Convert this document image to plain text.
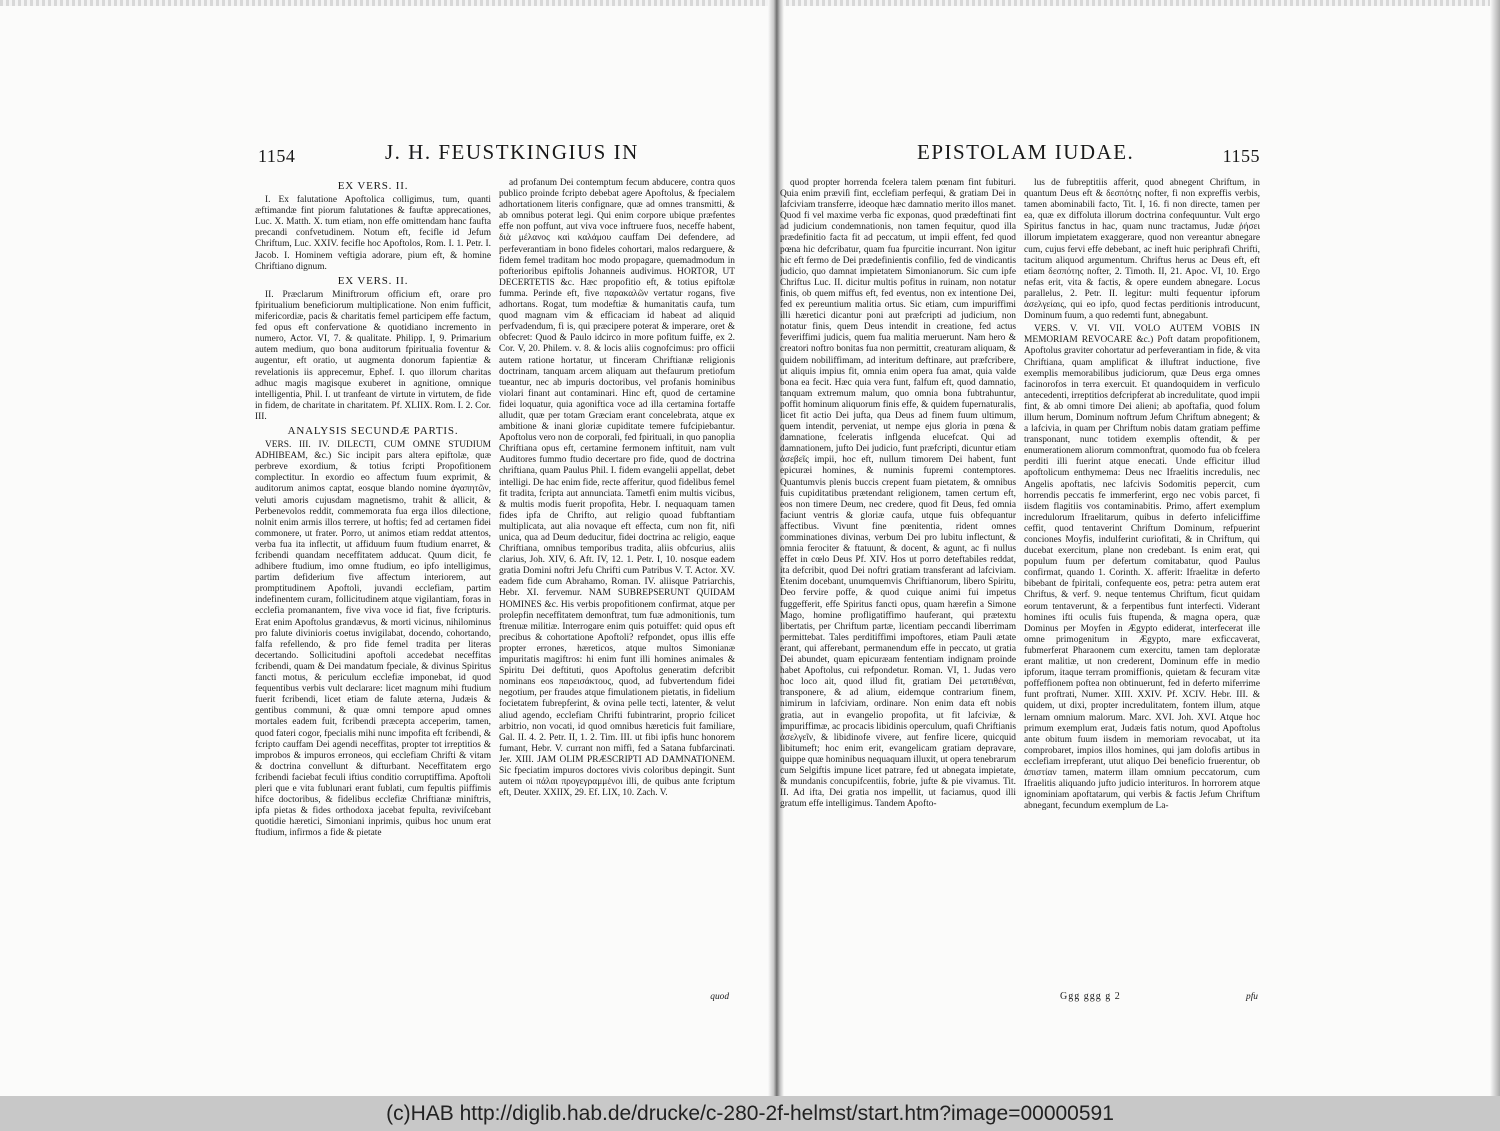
1154	J. H. FEUSTKINGIUS IN
EX VERS. II.

I. Ex falutatione Apoftolica colligimus, tum, quanti æftimandæ fint piorum falutationes & fauftæ apprecationes, Luc. X. Matth. X. tum etiam, non effe omittendam hanc faufta precandi confvetudinem. Notum eft, fecifle id Jefum Chriftum, Luc. XXIV. fecifle hoc Apoftolos, Rom. I. 1. Petr. I. Jacob. I. Hominem veftigia adorare, pium eft, & homine Chriftiano dignum.

EX VERS. II.

II. Præclarum Miniftrorum officium eft, orare pro fpiritualium beneficiorum multiplicatione. Non enim fufficit, mifericordiæ, pacis & charitatis femel participem effe factum, fed opus eft confervatione & quotidiano incremento in numero, Actor. VI, 7. & qualitate. Philipp. I, 9. Primarium autem medium, quo bona auditorum fpiritualia foventur & augentur, eft oratio, ut augmenta donorum fapientiæ & revelationis iis apprecemur, Ephef. I. quo illorum charitas adhuc magis magisque exuberet in agnitione, omnique intelligentia, Phil. I. ut tranfeant de virtute in virtutem, de fide in fidem, de charitate in charitatem. Pf. XLIIX. Rom. I. 2. Cor. III.

ANALYSIS SECUNDÆ PARTIS.

VERS. III. IV. DILECTI, CUM OMNE STUDIUM ADHIBEAM, &c.) Sic incipit pars altera epiftolæ, quæ perbreve exordium, & totius fcripti Propofitionem complectitur. In exordio eo affectum fuum exprimit, & auditorum animos captat, eosque blando nomine ἀγαπητῶν, veluti amoris cujusdam magnetismo, trahit & allicit, & Perbenevolos reddit, commemorata fua erga illos dilectione, nolnit enim armis illos terrere, ut hoftis; fed ad certamen fidei commonere, ut frater. Porro, ut animos etiam reddat attentos, verba fua ita inflectit, ut affiduum fuum ftudium enarret, & fcribendi quandam neceffitatem adducat. Quum dicit, fe adhibere ftudium, imo omne ftudium, eo ipfo intelligimus, partim defiderium five affectum interiorem, aut promptitudinem Apoftoli, juvandi ecclefiam, partim indefinentem curam, follicitudinem atque vigilantiam, foras in ecclefia promanantem, five viva voce id fiat, five fcripturis. Erat enim Apoftolus grandævus, & morti vicinus, nihilominus pro falute divinioris coetus invigilabat, docendo, cohortando, falfa refellendo, & pro fide femel tradita per literas decertando. Sollicitudini apoftoli accedebat neceffitas fcribendi, quam & Dei mandatum fpeciale, & divinus Spiritus fancti motus, & periculum ecclefiæ imponebat, id quod fequentibus verbis vult declarare: licet magnum mihi ftudium fuerit fcribendi, licet etiam de falute æterna, Judæis & gentibus communi, & quæ omni tempore apud omnes mortales eadem fuit, fcribendi præcepta acceperim, tamen, quod fateri cogor, fpecialis mihi nunc impofita eft fcribendi, & fcripto cauffam Dei agendi neceffitas, propter tot irreptitios & improbos & impuros erroneos, qui ecclefiam Chrifti & vitam & doctrina convellunt & difturbant. Neceffitatem ergo fcribendi faciebat feculi iftius conditio corruptiffima. Apoftoli pleri que e vita fublunari erant fublati, cum fepultis piiffimis hifce doctoribus, & fidelibus ecclefiæ Chriftianæ miniftris, ipfa pietas & fides orthodoxa jacebat fepulta, reviviſcebant quotidie hæretici, Simoniani inprimis, quibus hoc unum erat ftudium, infirmos a fide & pietate

ad profanum Dei contemptum fecum abducere, contra quos publico proinde fcripto debebat agere Apoftolus, & fpecialem adhortationem literis confignare, quæ ad omnes transmitti, & ab omnibus poterat legi. Qui enim corpore ubique præfentes effe non poffunt, aut viva voce inftruere fuos, neceffe habent, διὰ μέλανος καὶ καλάμου cauffam Dei defendere, ad perfeverantiam in bono fideles cohortari, malos redarguere, & fidem femel traditam hoc modo propagare, quemadmodum in pofterioribus epiftolis Johanneis audivimus. HORTOR, UT DECERTETIS &c. Hæc propofitio eft, & totius epiftolæ fumma. Perinde eft, five παρακαλῶν vertatur rogans, five adhortans. Rogat, tum modeftiæ & humanitatis caufa, tum quod magnam vim & efficaciam id habeat ad aliquid perfvadendum, fi is, qui præcipere poterat & imperare, oret & obfecret: Quod & Paulo idcirco in more pofitum fuiffe, ex 2. Cor. V, 20. Philem. v. 8. & locis aliis cognofcimus: pro officii autem ratione hortatur, ut finceram Chriftianæ religionis doctrinam, tanquam arcem aliquam aut thefaurum pretiofum tueantur, nec ab impuris doctoribus, vel profanis hominibus violari finant aut contaminari. Hinc eft, quod de certamine fidei loquatur, quia agoniftica voce ad illa certamina fortaffe alludit, quæ per totam Græciam erant concelebrata, atque ex ambitione & inani gloriæ cupiditate temere fufcipiebantur. Apoftolus vero non de corporali, fed fpirituali, in quo panoplia Chriftiana opus eft, certamine fermonem inftituit, nam vult Auditores fummo ftudio decertare pro fide, quod de doctrina chriftiana, quam Paulus Phil. I. fidem evangelii appellat, debet intelligi. De hac enim fide, recte afferitur, quod fidelibus femel fit tradita, fcripta aut annunciata. Tametfi enim multis vicibus, & multis modis fuerit propofita, Hebr. I. nequaquam tamen fides ipfa de Chrifto, aut religio quoad fubftantiam multiplicata, aut alia novaque eft effecta, cum non fit, nifi unica, qua ad Deum deducitur, fidei doctrina ac religio, eaque Chriftiana, omnibus temporibus tradita, aliis obfcurius, aliis clarius, Joh. XIV, 6. Aft. IV, 12. 1. Petr. I, 10. nosque eadem gratia Domini noftri Jefu Chrifti cum Patribus V. T. Actor. XV. eadem fide cum Abrahamo, Roman. IV. aliisque Patriarchis, Hebr. XI. fervemur. NAM SUBREPSERUNT QUIDAM HOMINES &c. His verbis propofitionem confirmat, atque per prolepfin neceffitatem demonftrat, tum fuæ admonitionis, tum ftrenuæ militiæ. Interrogare enim quis potuiffet: quid opus eft precibus & cohortatione Apoftoli? refpondet, opus illis effe propter errones, hæreticos, atque multos Simonianæ impuritatis magiftros: hi enim funt illi homines animales & Spiritu Dei deftituti, quos Apoftolus generatim defcribit nominans eos παρεισάκτους, quod, ad fubvertendum fidei negotium, per fraudes atque fimulationem pietatis, in fidelium focietatem fubrepferint, & ovina pelle tecti, latenter, & velut aliud agendo, ecclefiam Chrifti fubintrarint, proprio fcilicet arbitrio, non vocati, id quod omnibus hæreticis fuit familiare, Gal. II. 4. 2. Petr. II, 1. 2. Tim. III. ut fibi ipfis hunc honorem fumant, Hebr. V. currant non miffi, fed a Satana fubfarcinati. Jer. XIII. JAM OLIM PRÆSCRIPTI AD DAMNATIONEM. Sic fpeciatim impuros doctores vivis coloribus depingit. Sunt autem οἱ πάλαι προγεγραμμένοι illi, de quibus ante fcriptum eft, Deuter. XXIIX, 29. Ef. LIX, 10. Zach. V.

quod
EPISTOLAM IUDAE.	1155

quod propter horrenda fcelera talem pœnam fint fubituri. Quia enim præviſi fint, ecclefiam perfequi, & gratiam Dei in lafciviam transferre, ideoque hæc damnatio merito illos manet. Quod fi vel maxime verba fic exponas, quod prædeftinati fint ad judicium condemnationis, non tamen fequitur, quod illa prædefinitio facta fit ad peccatum, ut impii effent, fed quod pœna hic defcribatur, quam fua fpurcitie incurrant. Non igitur hic eft fermo de Dei prædefinientis confilio, fed de vindicantis judicio, quo damnat impietatem Simonianorum. Sic cum ipfe Chriftus Luc. II. dicitur multis pofitus in ruinam, non notatur finis, ob quem miffus eft, fed eventus, non ex intentione Dei, fed ex pereuntium malitia ortus. Sic etiam, cum impuriffimi illi hæretici dicantur poni aut præfcripti ad judicium, non notatur finis, quem Deus intendit in creatione, fed actus feveriffimi judicis, quem fua malitia meruerunt. Nam hero & creatori noftro bonitas fua non permittit, creaturam aliquam, & quidem nobiliffimam, ad interitum deftinare, aut præfcribere, ut aliquis impius fit, omnia enim opera fua amat, quia valde bona ea fecit. Hæc quia vera funt, falfum eft, quod damnatio, tanquam extremum malum, quo omnia bona fubtrahuntur, poffit hominum aliquorum finis effe, & quidem fupernaturalis, licet fit actio Dei jufta, qua Deus ad finem fuum ultimum, quem intendit, perveniat, ut nempe ejus gloria in pœna & damnatione, fceleratis inflgenda elucefcat. Qui ad damnationem, jufto Dei judicio, funt præfcripti, dicuntur etiam ἀσεβεῖς impii, hoc eft, nullum timorem Dei habent, funt epicuræi homines, & numinis fupremi contemptores. Quantumvis plenis buccis crepent fuam pietatem, & omnibus fuis cupiditatibus prætendant religionem, tamen certum eft, eos non timere Deum, nec credere, quod fit Deus, fed omnia faciunt ventris & gloriæ caufa, utque fuis obfequantur affectibus. Vivunt fine pœnitentia, rident omnes comminationes divinas, verbum Dei pro lubitu inflectunt, & omnia ferociter & ftatuunt, & docent, & agunt, ac fi nullus effet in cœlo Deus Pf. XIV. Hos ut porro deteftabiles reddat, ita defcribit, quod Dei noftri gratiam transferant ad lafciviam. Etenim docebant, unumquemvis Chriftianorum, libero Spiritu, Deo fervire poffe, & quod cuique animi fui impetus fuggefferit, effe Spiritus fancti opus, quam hærefin a Simone Mago, homine profligatiffimo hauferant, qui prætextu libertatis, per Chriftum partæ, licentiam peccandi liberrimam permittebat. Tales perditiffimi impoftores, etiam Pauli ætate erant, qui afferebant, permanendum effe in peccato, ut gratia Dei abundet, quam epicuræam fententiam indignam proinde habet Apoftolus, cui refpondetur. Roman. VI, 1. Judas vero hoc loco ait, quod illud fit, gratiam Dei μετατιθέναι, transponere, & ad alium, eidemque contrarium finem, nimirum in lafciviam, ordinare. Non enim data eft nobis gratia, aut in evangelio propofita, ut fit lafciviæ, & impuriffimæ, ac procacis libidinis operculum, quafi Chriftianis ἀσελγεῖν, & libidinofe vivere, aut fenfire licere, quicquid libitumeft; hoc enim erit, evangelicam gratiam depravare, quippe quæ hominibus nequaquam illuxit, ut opera tenebrarum cum Selgiftis impune licet patrare, fed ut abnegata impietate, & mundanis concupifcentiis, fobrie, jufte & pie vivamus. Tit. II. Ad ifta, Dei gratia nos impellit, ut faciamus, quod illi gratum effe intelligimus. Tandem Apofto-

lus de fubreptitiis afferit, quod abnegent Chriftum, in quantum Deus eft & δεσπότης nofter, fi non expreffis verbis, tamen abominabili facto, Tit. I, 16. fi non directe, tamen per ea, quæ ex diffoluta illorum doctrina confequuntur. Vult ergo Spiritus fanctus in hac, quam nunc tractamus, Judæ ῥήσει illorum impietatem exaggerare, quod non vereantur abnegare cum, cujus fervi effe debebant, ac ineft huic periphrafi Chrifti, tacitum aliquod argumentum. Chriftus herus ac Deus eft, eft etiam δεσπότης nofter, 2. Timoth. II, 21. Apoc. VI, 10. Ergo nefas erit, vita & factis, & opere eundem abnegare. Locus parallelus, 2. Petr. II. legitur: multi fequentur ipforum ἀσελγείαις, qui eo ipfo, quod fectas perditionis introducunt, Dominum fuum, a quo redemti funt, abnegabunt.

VERS. V. VI. VII. VOLO AUTEM VOBIS IN MEMORIAM REVOCARE &c.) Poft datam propofitionem, Apoftolus graviter cohortatur ad perfeverantiam in fide, & vita Chriftiana, quam amplificat & illuftrat inductione, five exemplis memorabilibus judiciorum, quæ Deus erga omnes facinorofos in terra exercuit. Et quandoquidem in verficulo antecedenti, irreptitios defcripferat ab incredulitate, quod impii fint, & ab omni timore Dei alieni; ab apoftafia, quod folum illum herum, Dominum noftrum Jefum Chriftum abnegent; & a lafcivia, in quam per Chriftum nobis datam gratiam peffime transponant, nunc totidem exemplis oftendit, & per enumerationem aliorum commonftrat, quomodo fua ob fcelera perditi illi fuerint atque enecati. Unde efficitur illud apoftolicum enthymema: Deus nec Ifraelitis incredulis, nec Angelis apoftatis, nec lafcivis Sodomitis pepercit, cum horrendis peccatis fe immerferint, ergo nec vobis parcet, fi iisdem flagitiis vos contaminabitis. Primo, affert exemplum incredulorum Ifraelitarum, quibus in deferto infeliciffime ceffit, quod tentaverint Chriftum Dominum, refpuerint conciones Moyfis, indulferint curiofitati, & in Chriftum, qui ducebat exercitum, plane non credebant. Is enim erat, qui populum fuum per defertum comitabatur, quod Paulus confirmat, quando 1. Corinth. X. afferit: Ifraelitæ in deferto bibebant de fpiritali, confequente eos, petra: petra autem erat Chriftus, & verf. 9. neque tentemus Chriftum, ficut quidam eorum tentaverunt, & a ferpentibus funt interfecti. Viderant homines ifti oculis fuis ftupenda, & magna opera, quæ Dominus per Moyfen in Ægypto ediderat, interfecerat ille omne primogenitum in Ægypto, mare exficcaverat, fubmerferat Pharaonem cum exercitu, tamen tam deploratæ erant malitiæ, ut non crederent, Dominum effe in medio ipforum, itaque terram promiffionis, quietam & fecuram vitæ poffeffionem poftea non obtinuerunt, fed in deferto miferrime funt proftrati, Numer. XIII. XXIV. Pf. XCIV. Hebr. III. & quidem, ut dixi, propter incredulitatem, fontem illum, atque lernam omnium malorum. Marc. XVI. Joh. XVI. Atque hoc primum exemplum erat, Judæis fatis notum, quod Apoftolus ante obitum fuum iisdem in memoriam revocabat, ut ita comprobaret, impios illos homines, qui jam dolofis artibus in ecclefiam irrepferant, utut aliquo Dei beneficio fruerentur, ob ἀπιστίαν tamen, materm illam omnium peccatorum, cum Ifraelitis aliquando jufto judicio interituros. In horrorem atque ignominiam apoftatarum, qui verbis & factis Jefum Chriftum abnegant, fecundum exemplum de La-

Ggg ggg g 2	pfu
(c)HAB http://diglib.hab.de/drucke/c-280-2f-helmst/start.htm?image=00000591
